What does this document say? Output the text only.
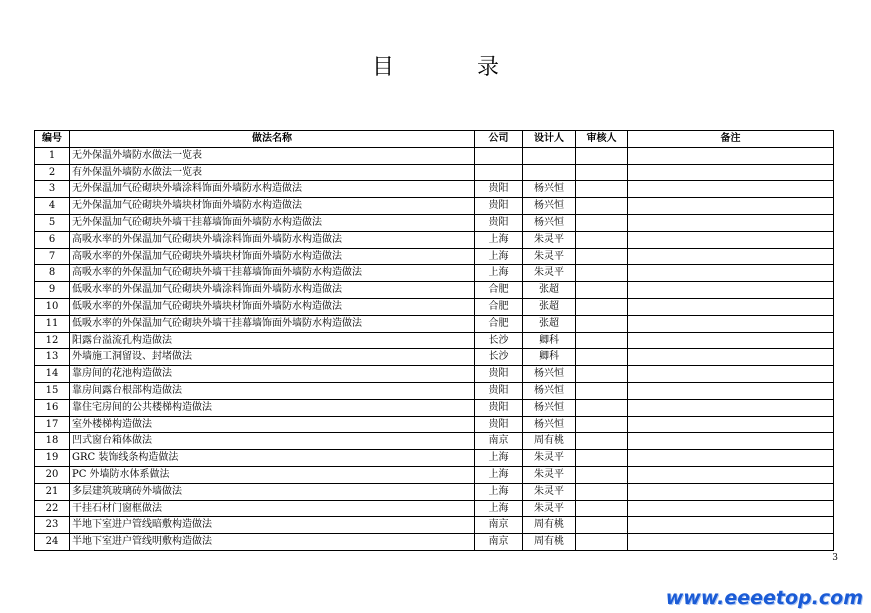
目 录
编号	做法名称	公司	设计人	审核人	备注
1	无外保温外墙防水做法一览表				
2	有外保温外墙防水做法一览表				
3	无外保温加气砼砌块外墙涂料饰面外墙防水构造做法	贵阳	杨兴恒		
4	无外保温加气砼砌块外墙块材饰面外墙防水构造做法	贵阳	杨兴恒		
5	无外保温加气砼砌块外墙干挂幕墙饰面外墙防水构造做法	贵阳	杨兴恒		
6	高吸水率的外保温加气砼砌块外墙涂料饰面外墙防水构造做法	上海	朱灵平		
7	高吸水率的外保温加气砼砌块外墙块材饰面外墙防水构造做法	上海	朱灵平		
8	高吸水率的外保温加气砼砌块外墙干挂幕墙饰面外墙防水构造做法	上海	朱灵平		
9	低吸水率的外保温加气砼砌块外墙涂料饰面外墙防水构造做法	合肥	张超		
10	低吸水率的外保温加气砼砌块外墙块材饰面外墙防水构造做法	合肥	张超		
11	低吸水率的外保温加气砼砌块外墙干挂幕墙饰面外墙防水构造做法	合肥	张超		
12	阳露台溢流孔构造做法	长沙	卿科		
13	外墙施工洞留设、封堵做法	长沙	卿科		
14	靠房间的花池构造做法	贵阳	杨兴恒		
15	靠房间露台根部构造做法	贵阳	杨兴恒		
16	靠住宅房间的公共楼梯构造做法	贵阳	杨兴恒		
17	室外楼梯构造做法	贵阳	杨兴恒		
18	凹式窗台箱体做法	南京	周有桃		
19	GRC 装饰线条构造做法	上海	朱灵平		
20	PC 外墙防水体系做法	上海	朱灵平		
21	多层建筑玻璃砖外墙做法	上海	朱灵平		
22	干挂石材门窗框做法	上海	朱灵平		
23	半地下室进户管线暗敷构造做法	南京	周有桃		
24	半地下室进户管线明敷构造做法	南京	周有桃		
3
www.eeeetop.com
